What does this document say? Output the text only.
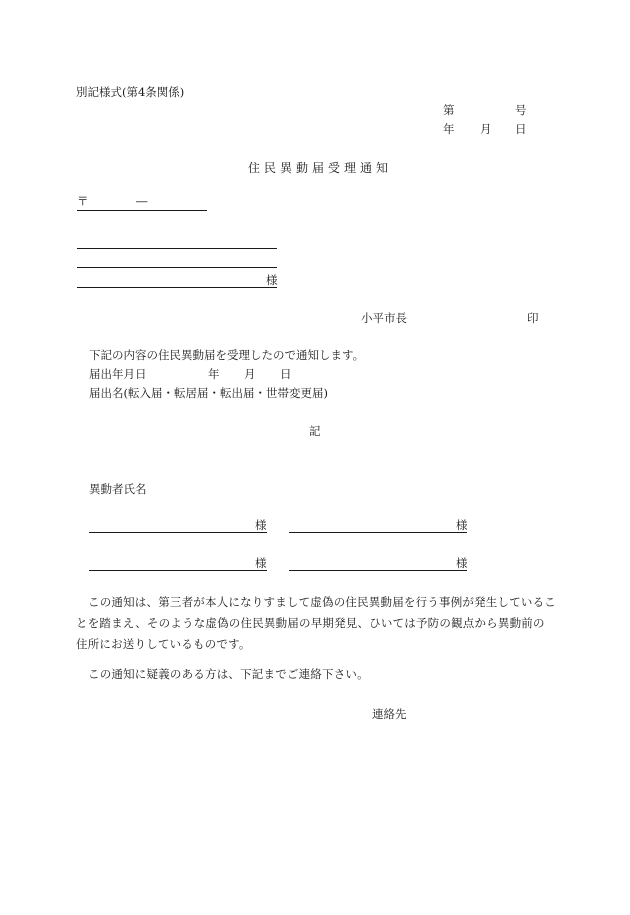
別記様式(第4条関係)
第	号
年 月 日
住民異動届受理通知
〒	―
様
小平市長	印
下記の内容の住民異動届を受理したので通知します。
届出年月日	年 月 日
届出名(転入届・転居届・転出届・世帯変更届)
記
異動者氏名
様	様
様	様
この通知は、第三者が本人になりすまして虚偽の住民異動届を行う事例が発生していることを踏まえ、そのような虚偽の住民異動届の早期発見、ひいては予防の観点から異動前の住所にお送りしているものです。
この通知に疑義のある方は、下記までご連絡下さい。
連絡先
